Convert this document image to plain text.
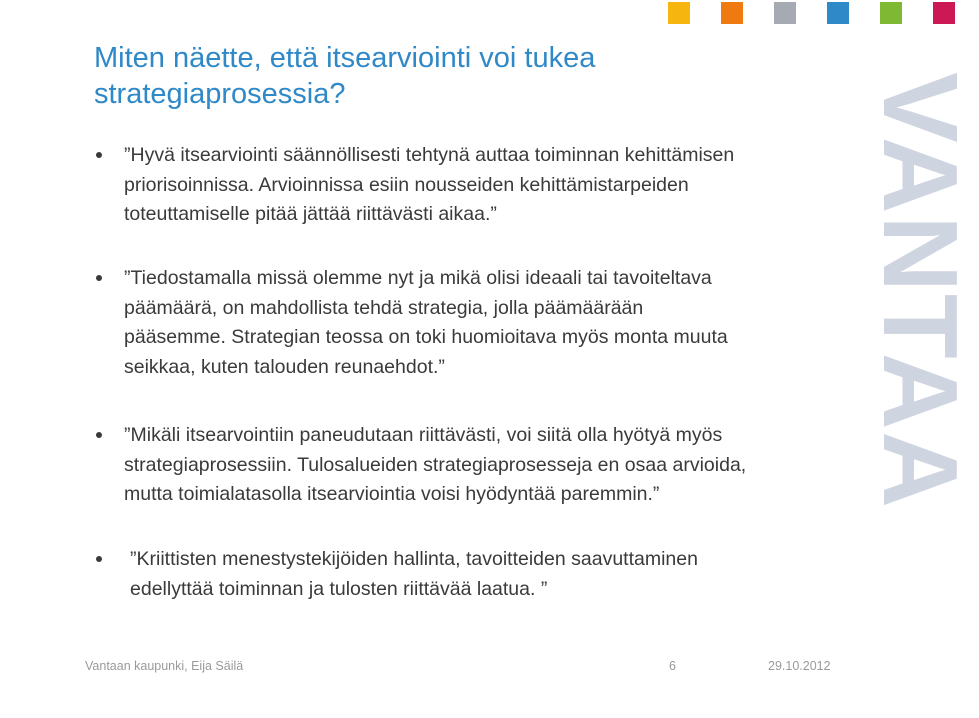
VANTAA
Miten näette, että itsearviointi voi tukea
strategiaprosessia?
”Hyvä itsearviointi säännöllisesti tehtynä auttaa toiminnan kehittämisen
priorisoinnissa. Arvioinnissa esiin nousseiden kehittämistarpeiden
toteuttamiselle pitää jättää riittävästi aikaa.”
”Tiedostamalla missä olemme nyt ja mikä olisi ideaali tai tavoiteltava
päämäärä, on mahdollista tehdä strategia, jolla päämäärään
pääsemme. Strategian teossa on toki huomioitava myös monta muuta
seikkaa, kuten talouden reunaehdot.”
”Mikäli itsearvointiin paneudutaan riittävästi, voi siitä olla hyötyä myös
strategiaprosessiin. Tulosalueiden strategiaprosesseja en osaa arvioida,
mutta toimialatasolla itsearviointia voisi hyödyntää paremmin.”
”Kriittisten menestystekijöiden hallinta, tavoitteiden saavuttaminen
edellyttää toiminnan ja tulosten riittävää laatua. ”
Vantaan kaupunki, Eija Säilä	6	29.10.2012
